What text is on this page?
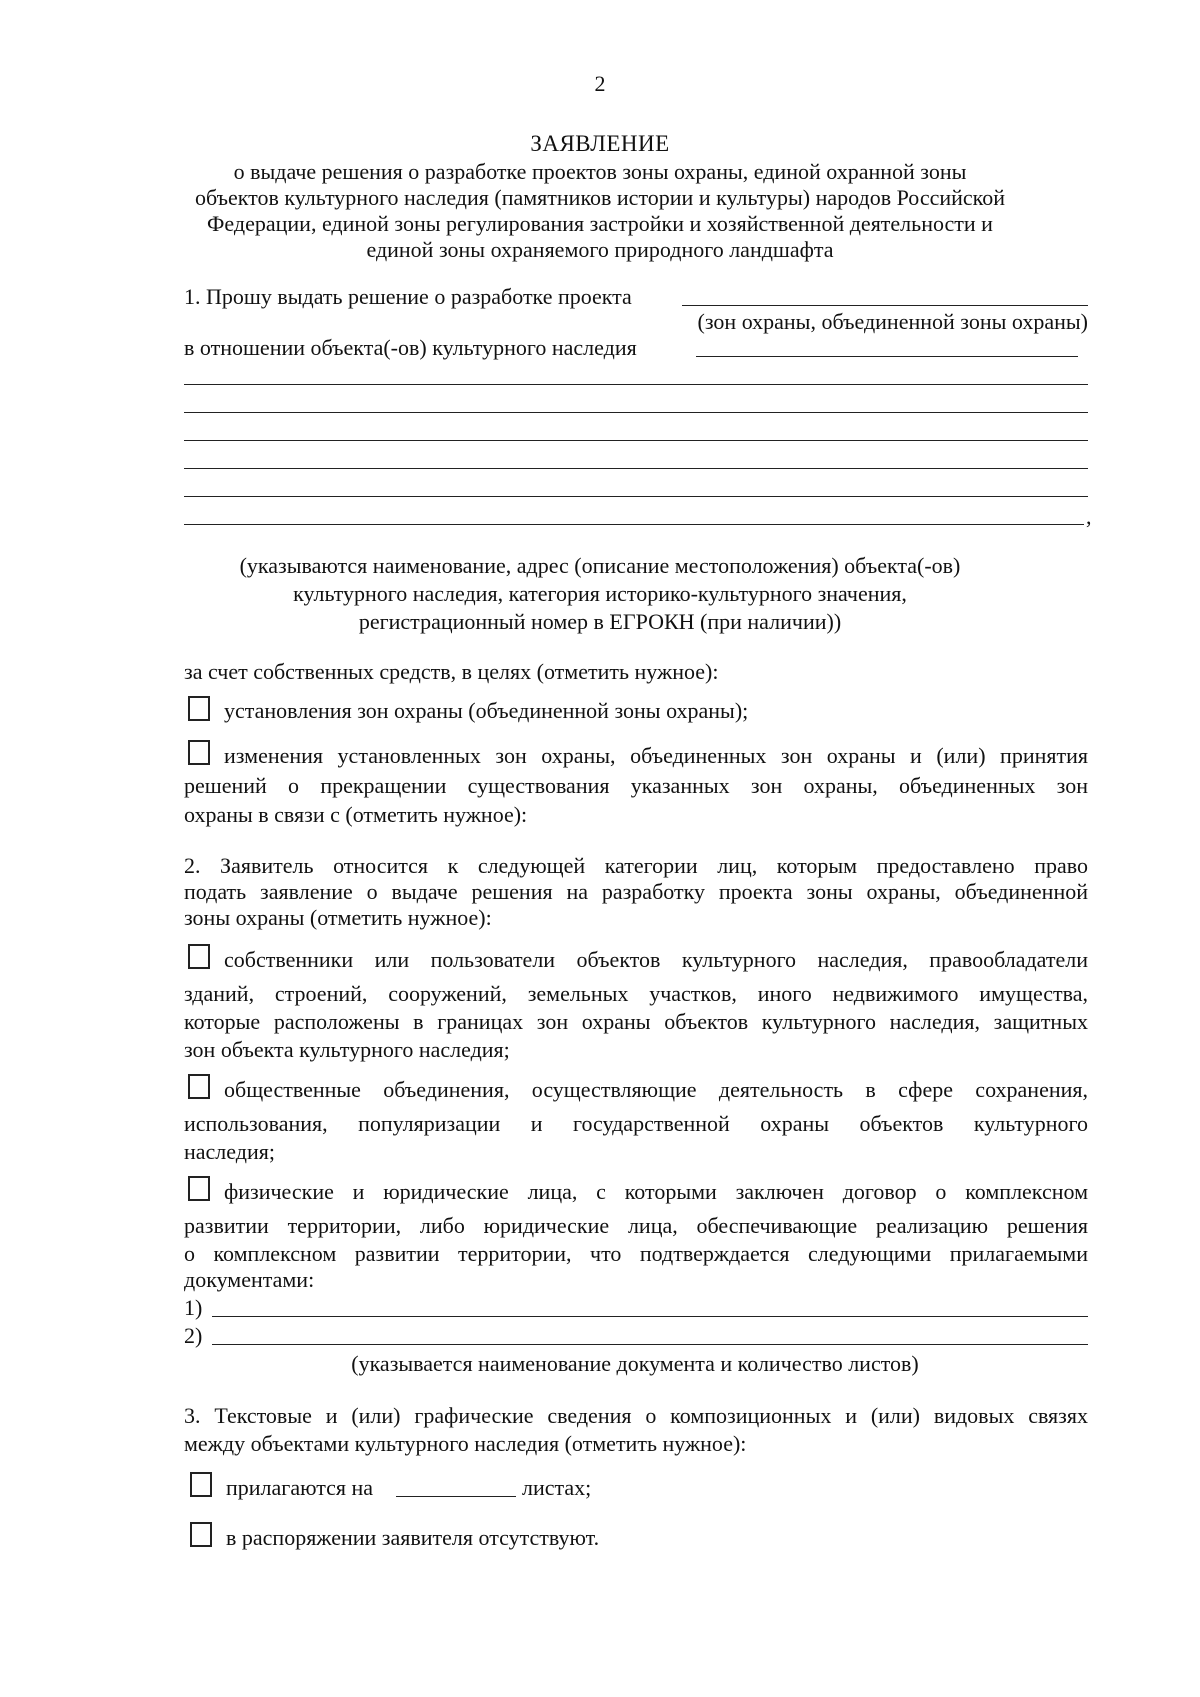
2
ЗАЯВЛЕНИЕ
о выдаче решения о разработке проектов зоны охраны, единой охранной зоны
объектов культурного наследия (памятников истории и культуры) народов Российской
Федерации, единой зоны регулирования застройки и хозяйственной деятельности и
единой зоны охраняемого природного ландшафта
1. Прошу выдать решение о разработке проекта
(зон охраны, объединенной зоны охраны)
в отношении объекта(-ов) культурного наследия
,
(указываются наименование, адрес (описание местоположения) объекта(-ов)
культурного наследия, категория историко-культурного значения,
регистрационный номер в ЕГРОКН (при наличии))
за счет собственных средств, в целях (отметить нужное):
установления зон охраны (объединенной зоны охраны);
изменения установленных зон охраны, объединенных зон охраны и (или) принятия
решений о прекращении существования указанных зон охраны, объединенных зон
охраны в связи с (отметить нужное):
2. Заявитель относится к следующей категории лиц, которым предоставлено право
подать заявление о выдаче решения на разработку проекта зоны охраны, объединенной
зоны охраны (отметить нужное):
собственники или пользователи объектов культурного наследия, правообладатели
зданий, строений, сооружений, земельных участков, иного недвижимого имущества,
которые расположены в границах зон охраны объектов культурного наследия, защитных
зон объекта культурного наследия;
общественные объединения, осуществляющие деятельность в сфере сохранения,
использования, популяризации и государственной охраны объектов культурного
наследия;
физические и юридические лица, с которыми заключен договор о комплексном
развитии территории, либо юридические лица, обеспечивающие реализацию решения
о комплексном развитии территории, что подтверждается следующими прилагаемыми
документами:
1)
2)
(указывается наименование документа и количество листов)
3. Текстовые и (или) графические сведения о композиционных и (или) видовых связях
между объектами культурного наследия (отметить нужное):
прилагаются на	листах;
в распоряжении заявителя отсутствуют.
